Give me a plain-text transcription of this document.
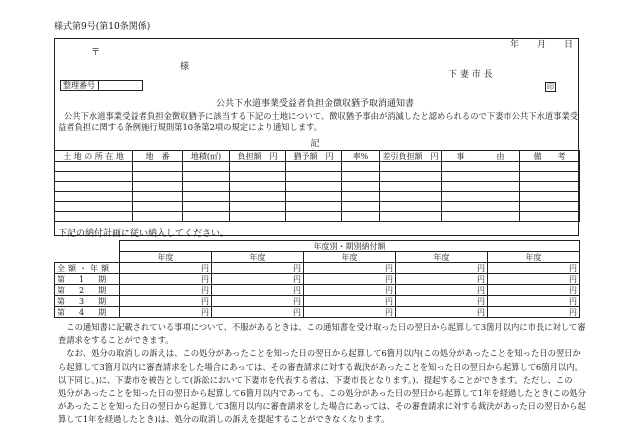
様式第9号(第10条関係)
年　　月　　日
〒
様
下 妻 市 長
印
整理番号
公共下水道事業受益者負担金徴収猶予取消通知書
公共下水道事業受益者負担金徴収猶予に該当する下記の土地について、徴収猶予事由が消滅したと認められるので下妻市公共下水道事業受
益者負担に関する条例施行規則第10条第2項の規定により通知します。
記
土 地 の 所 在 地	地　番	地積(㎡)	負担額　円	猶予額　円	率%	差引負担額　円	事　　　　由	備　　考

下記の納付計画に従い納入してください。
	年度別・期別納付額				
	年度	年度	年度	年度	年度
全額・年額	円	円	円	円	円
第　1　期	円	円	円	円	円
第　2　期	円	円	円	円	円
第　3　期	円	円	円	円	円
第　4　期	円	円	円	円	円
　この通知書に記載されている事項について、不服があるときは、この通知書を受け取った日の翌日から起算して3箇月以内に市長に対して審
査請求をすることができます。
　なお、処分の取消しの訴えは、この処分があったことを知った日の翌日から起算して6箇月以内(この処分があったことを知った日の翌日か
ら起算して3箇月以内に審査請求をした場合にあっては、その審査請求に対する裁決があったことを知った日の翌日から起算して6箇月以内。
以下同じ。)に、下妻市を被告として(訴訟において下妻市を代表する者は、下妻市長となります。)、提起することができます。ただし、この
処分があったことを知った日の翌日から起算して6箇月以内であっても、この処分があった日の翌日から起算して1年を経過したとき(この処分
があったことを知った日の翌日から起算して3箇月以内に審査請求をした場合にあっては、その審査請求に対する裁決があった日の翌日から起
算して1年を経過したとき)は、処分の取消しの訴えを提起することができなくなります。
